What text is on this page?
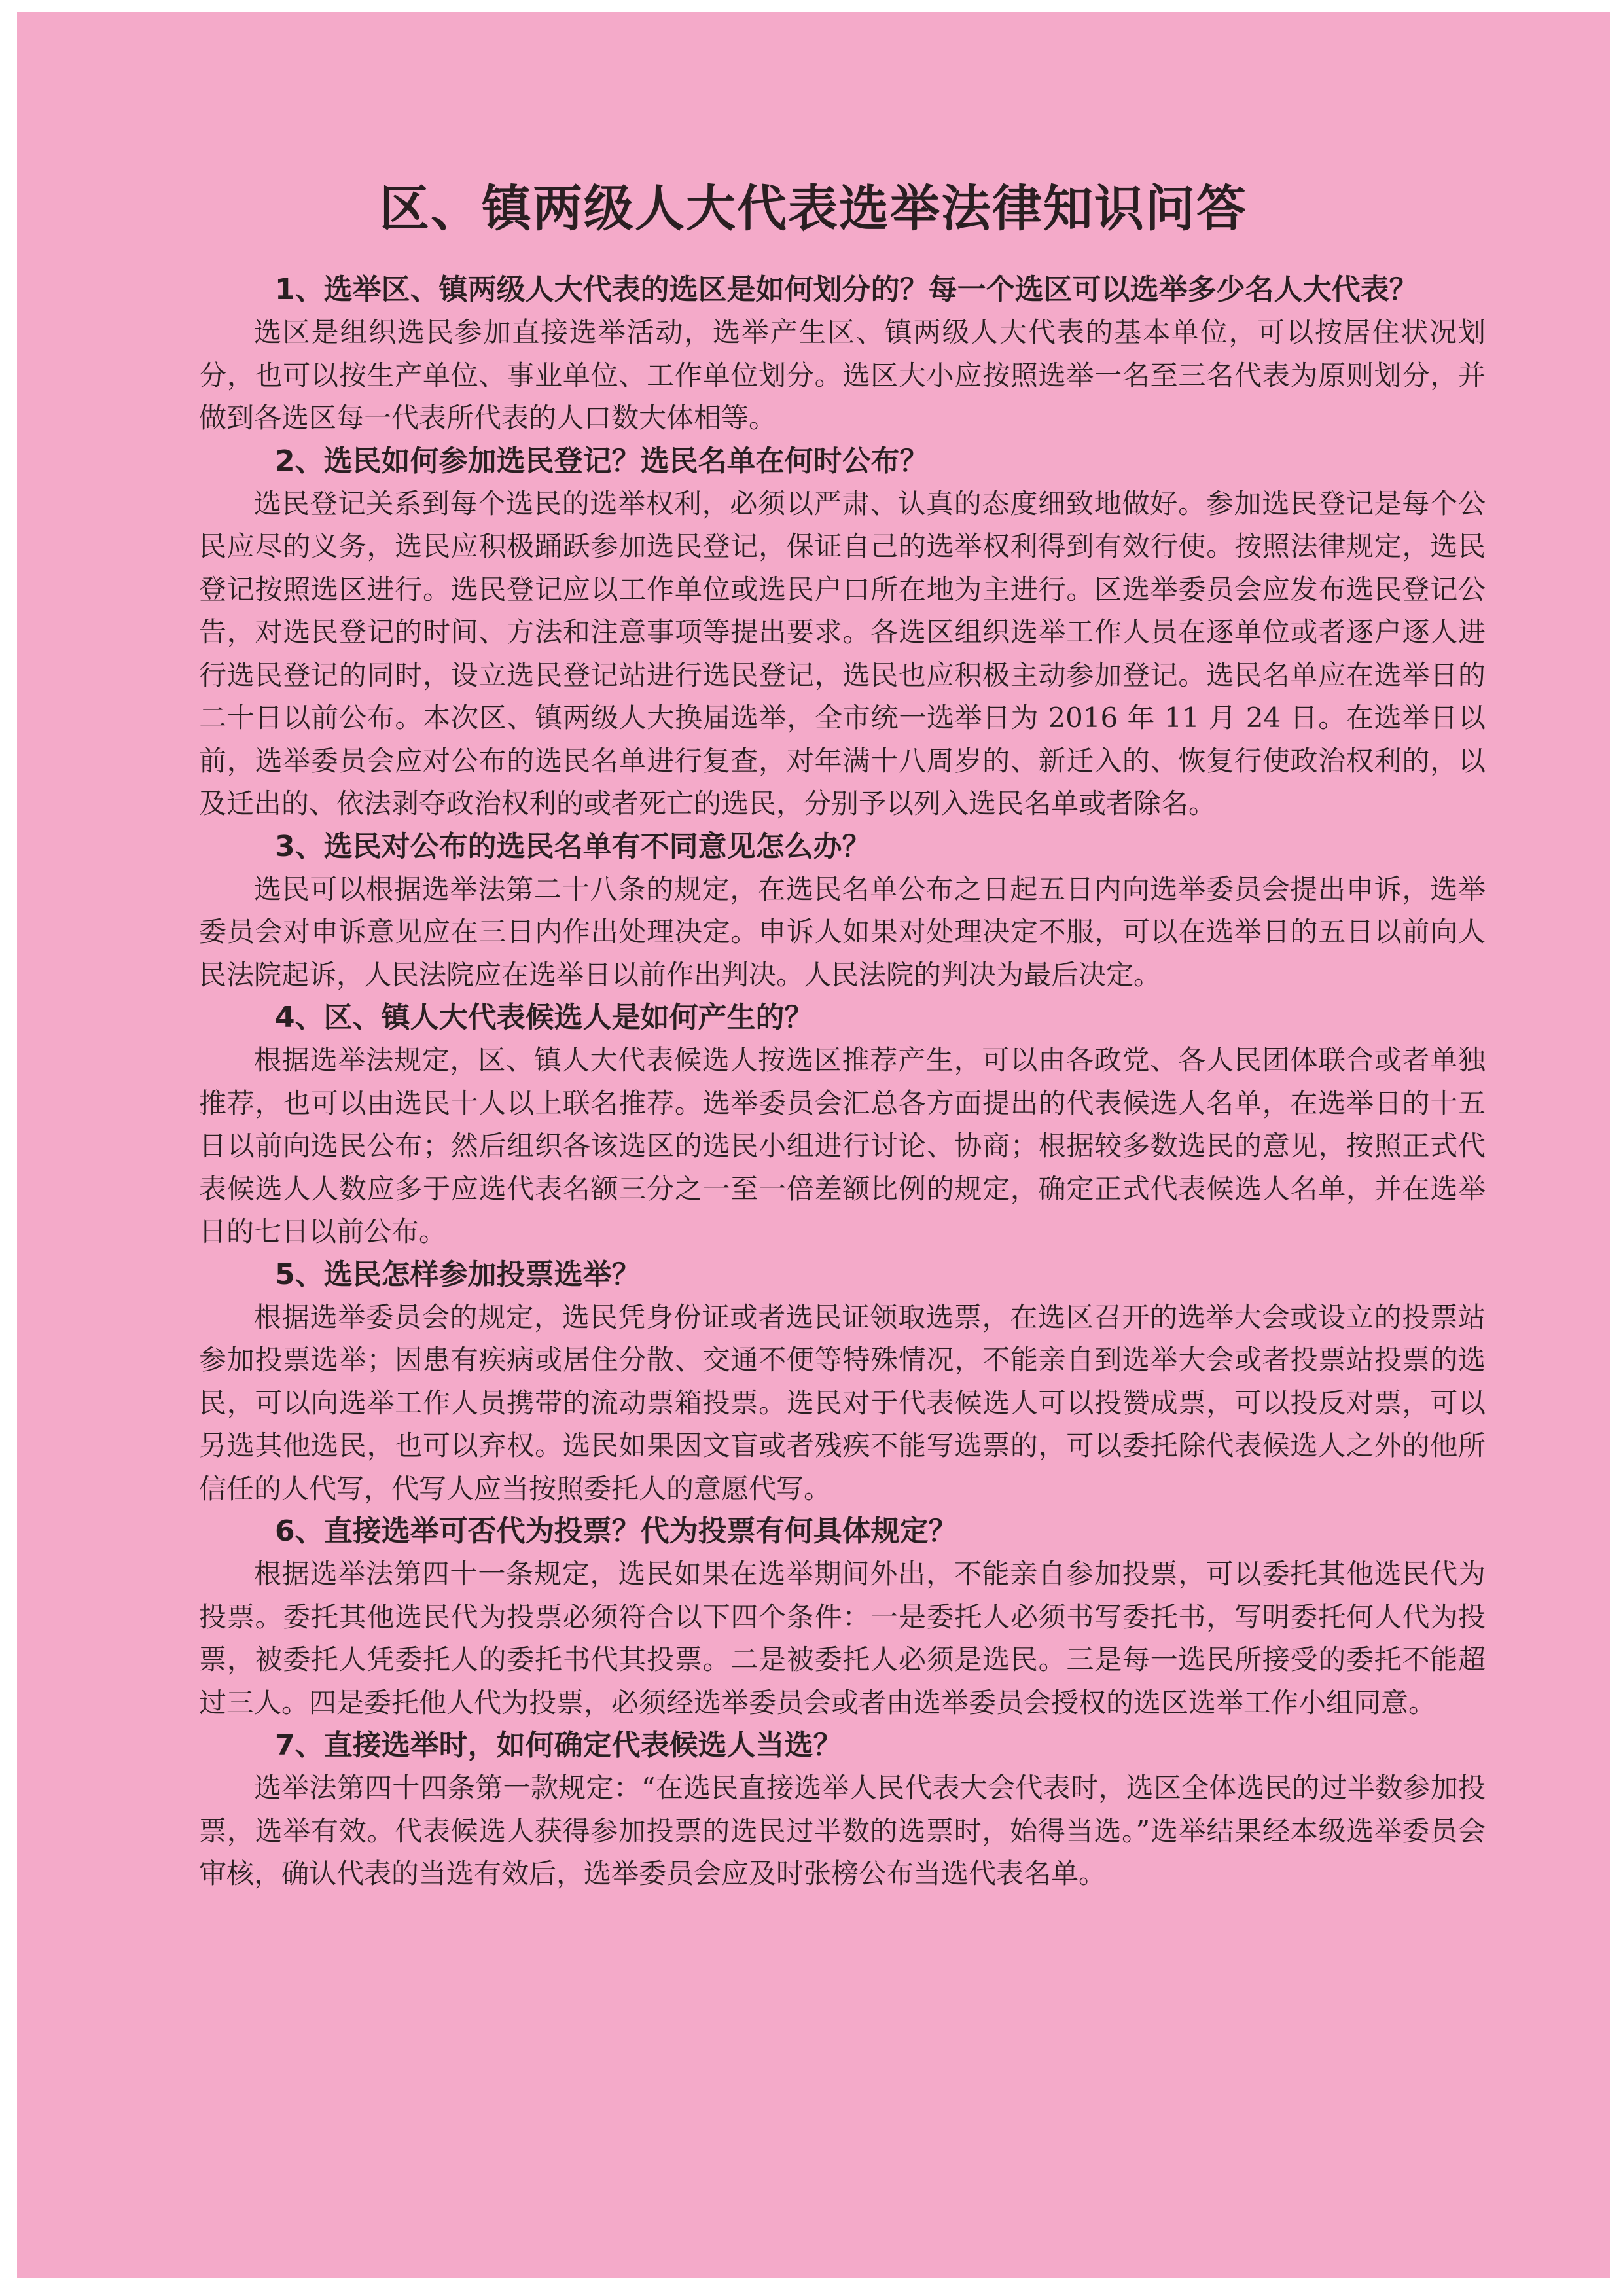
区、镇两级人大代表选举法律知识问答

1、选举区、镇两级人大代表的选区是如何划分的？每一个选区可以选举多少名人大代表？

选区是组织选民参加直接选举活动，选举产生区、镇两级人大代表的基本单位，可以按居住状况划分，也可以按生产单位、事业单位、工作单位划分。选区大小应按照选举一名至三名代表为原则划分，并做到各选区每一代表所代表的人口数大体相等。

2、选民如何参加选民登记？选民名单在何时公布？

选民登记关系到每个选民的选举权利，必须以严肃、认真的态度细致地做好。参加选民登记是每个公民应尽的义务，选民应积极踊跃参加选民登记，保证自己的选举权利得到有效行使。按照法律规定，选民登记按照选区进行。选民登记应以工作单位或选民户口所在地为主进行。区选举委员会应发布选民登记公告，对选民登记的时间、方法和注意事项等提出要求。各选区组织选举工作人员在逐单位或者逐户逐人进行选民登记的同时，设立选民登记站进行选民登记，选民也应积极主动参加登记。选民名单应在选举日的二十日以前公布。本次区、镇两级人大换届选举，全市统一选举日为 2016 年 11 月 24 日。在选举日以前，选举委员会应对公布的选民名单进行复查，对年满十八周岁的、新迁入的、恢复行使政治权利的，以及迁出的、依法剥夺政治权利的或者死亡的选民，分别予以列入选民名单或者除名。

3、选民对公布的选民名单有不同意见怎么办？

选民可以根据选举法第二十八条的规定，在选民名单公布之日起五日内向选举委员会提出申诉，选举委员会对申诉意见应在三日内作出处理决定。申诉人如果对处理决定不服，可以在选举日的五日以前向人民法院起诉，人民法院应在选举日以前作出判决。人民法院的判决为最后决定。

4、区、镇人大代表候选人是如何产生的？

根据选举法规定，区、镇人大代表候选人按选区推荐产生，可以由各政党、各人民团体联合或者单独推荐，也可以由选民十人以上联名推荐。选举委员会汇总各方面提出的代表候选人名单，在选举日的十五日以前向选民公布；然后组织各该选区的选民小组进行讨论、协商；根据较多数选民的意见，按照正式代表候选人人数应多于应选代表名额三分之一至一倍差额比例的规定，确定正式代表候选人名单，并在选举日的七日以前公布。

5、选民怎样参加投票选举？

根据选举委员会的规定，选民凭身份证或者选民证领取选票，在选区召开的选举大会或设立的投票站参加投票选举；因患有疾病或居住分散、交通不便等特殊情况，不能亲自到选举大会或者投票站投票的选民，可以向选举工作人员携带的流动票箱投票。选民对于代表候选人可以投赞成票，可以投反对票，可以另选其他选民，也可以弃权。选民如果因文盲或者残疾不能写选票的，可以委托除代表候选人之外的他所信任的人代写，代写人应当按照委托人的意愿代写。

6、直接选举可否代为投票？代为投票有何具体规定？

根据选举法第四十一条规定，选民如果在选举期间外出，不能亲自参加投票，可以委托其他选民代为投票。委托其他选民代为投票必须符合以下四个条件：一是委托人必须书写委托书，写明委托何人代为投票，被委托人凭委托人的委托书代其投票。二是被委托人必须是选民。三是每一选民所接受的委托不能超过三人。四是委托他人代为投票，必须经选举委员会或者由选举委员会授权的选区选举工作小组同意。

7、直接选举时，如何确定代表候选人当选？

选举法第四十四条第一款规定：“在选民直接选举人民代表大会代表时，选区全体选民的过半数参加投票，选举有效。代表候选人获得参加投票的选民过半数的选票时，始得当选。”选举结果经本级选举委员会审核，确认代表的当选有效后，选举委员会应及时张榜公布当选代表名单。
